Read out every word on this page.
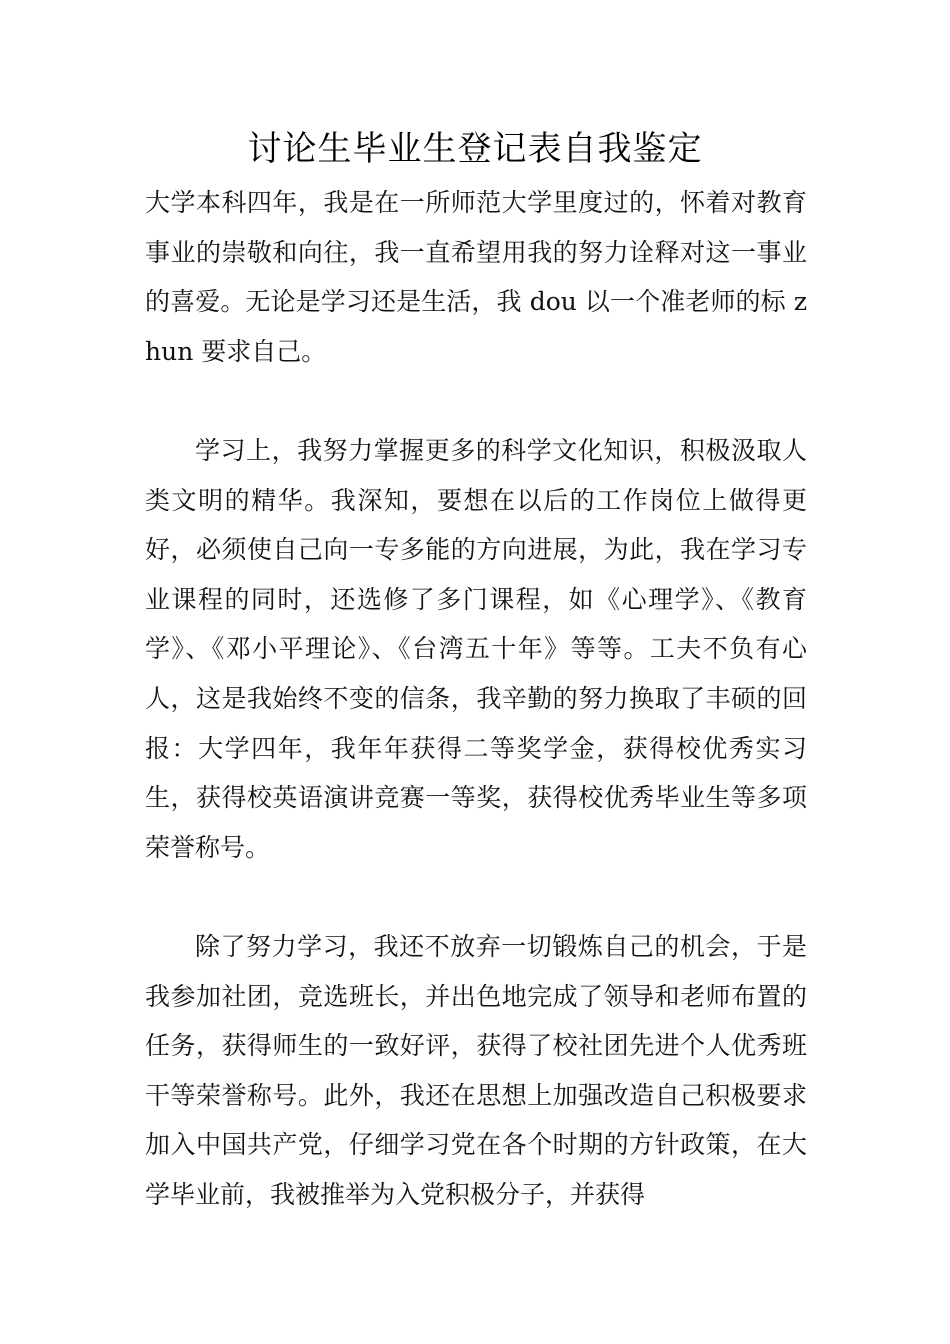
讨论生毕业生登记表自我鉴定

大学本科四年，我是在一所师范大学里度过的，怀着对教育事业的崇敬和向往，我一直希望用我的努力诠释对这一事业的喜爱。无论是学习还是生活，我 dou 以一个准老师的标 zhun 要求自己。

学习上，我努力掌握更多的科学文化知识，积极汲取人类文明的精华。我深知，要想在以后的工作岗位上做得更好，必须使自己向一专多能的方向进展，为此，我在学习专业课程的同时，还选修了多门课程，如《心理学》、《教育学》、《邓小平理论》、《台湾五十年》等等。工夫不负有心人，这是我始终不变的信条，我辛勤的努力换取了丰硕的回报：大学四年，我年年获得二等奖学金，获得校优秀实习生，获得校英语演讲竞赛一等奖，获得校优秀毕业生等多项荣誉称号。

除了努力学习，我还不放弃一切锻炼自己的机会，于是我参加社团，竞选班长，并出色地完成了领导和老师布置的任务，获得师生的一致好评，获得了校社团先进个人优秀班干等荣誉称号。此外，我还在思想上加强改造自己积极要求加入中国共产党，仔细学习党在各个时期的方针政策，在大学毕业前，我被推举为入党积极分子，并获得
